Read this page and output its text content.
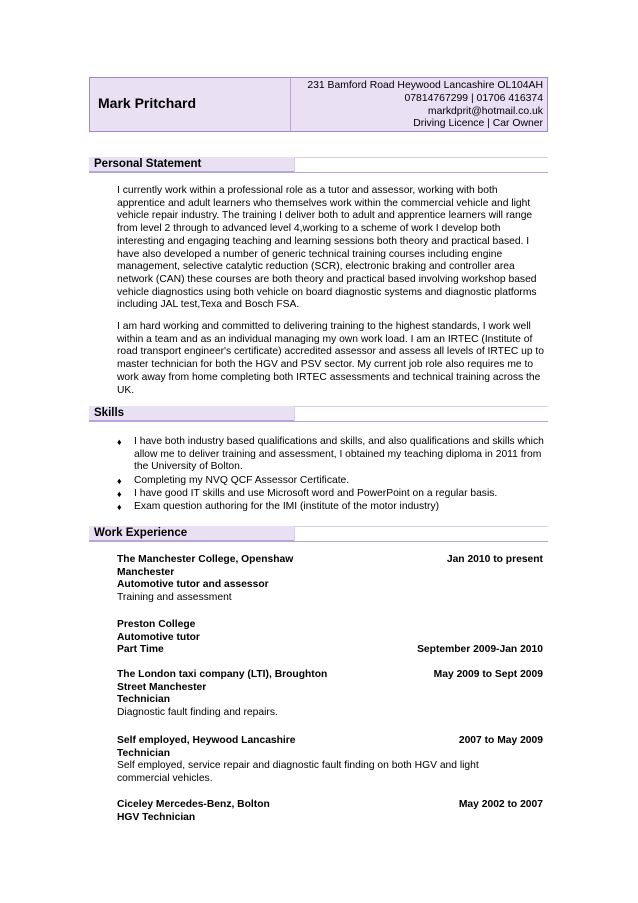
Mark Pritchard
231 Bamford Road Heywood Lancashire OL104AH
07814767299 | 01706 416374
markdprit@hotmail.co.uk
Driving Licence | Car Owner
Personal Statement

I currently work within a professional role as a tutor and assessor, working with both apprentice and adult learners who themselves work within the commercial vehicle and light vehicle repair industry. The training I deliver both to adult and apprentice learners will range from level 2 through to advanced level 4,working to a scheme of work I develop both interesting and engaging teaching and learning sessions both theory and practical based. I have also developed a number of generic technical training courses including engine management, selective catalytic reduction (SCR), electronic braking and controller area network (CAN) these courses are both theory and practical based involving workshop based vehicle diagnostics using both vehicle on board diagnostic systems and diagnostic platforms including JAL test,Texa and Bosch FSA.

I am hard working and committed to delivering training to the highest standards, I work well within a team and as an individual managing my own work load. I am an IRTEC (Institute of road transport engineer's certificate) accredited assessor and assess all levels of IRTEC up to master technician for both the HGV and PSV sector. My current job role also requires me to work away from home completing both IRTEC assessments and technical training across the UK.

Skills
♦ I have both industry based qualifications and skills, and also qualifications and skills which allow me to deliver training and assessment, I obtained my teaching diploma in 2011 from the University of Bolton.
♦ Completing my NVQ QCF Assessor Certificate.
♦ I have good IT skills and use Microsoft word and PowerPoint on a regular basis.
♦ Exam question authoring for the IMI (institute of the motor industry)
Work Experience
The Manchester College, Openshaw	Jan 2010 to present
Manchester
Automotive tutor and assessor
Training and assessment
Preston College
Automotive tutor
Part Time	September 2009-Jan 2010
The London taxi company (LTI), Broughton	May 2009 to Sept 2009
Street Manchester
Technician
Diagnostic fault finding and repairs.
Self employed, Heywood Lancashire	2007 to May 2009
Technician
Self employed, service repair and diagnostic fault finding on both HGV and light
commercial vehicles.
Ciceley Mercedes-Benz, Bolton	May 2002 to 2007
HGV Technician
